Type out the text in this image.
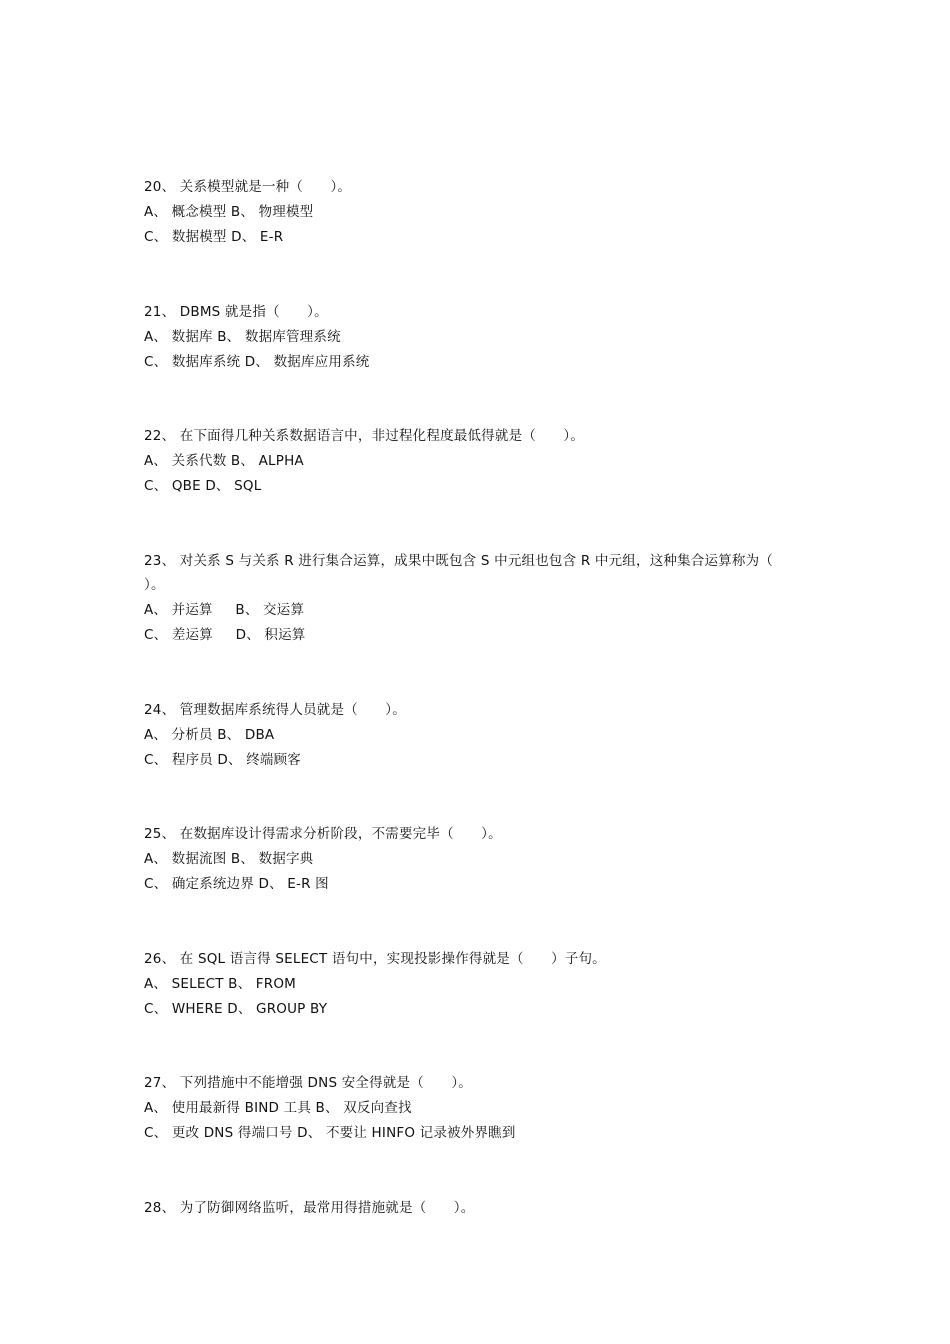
20、 关系模型就是一种（　　）。
A、 概念模型 B、 物理模型
C、 数据模型 D、 E-R
21、 DBMS 就是指（　　）。
A、 数据库 B、 数据库管理系统
C、 数据库系统 D、 数据库应用系统
22、 在下面得几种关系数据语言中，非过程化程度最低得就是（　　）。
A、 关系代数 B、 ALPHA
C、 QBE D、 SQL
23、 对关系 S 与关系 R 进行集合运算，成果中既包含 S 中元组也包含 R 中元组，这种集合运算称为（
）。
A、 并运算　  B、 交运算
C、 差运算　  D、 积运算
24、 管理数据库系统得人员就是（　　）。
A、 分析员 B、 DBA
C、 程序员 D、 终端顾客
25、 在数据库设计得需求分析阶段，不需要完毕（　　）。
A、 数据流图 B、 数据字典
C、 确定系统边界 D、 E-R 图
26、 在 SQL 语言得 SELECT 语句中，实现投影操作得就是（　　）子句。
A、 SELECT B、 FROM
C、 WHERE D、 GROUP BY
27、 下列措施中不能增强 DNS 安全得就是（　　）。
A、 使用最新得 BIND 工具 B、 双反向查找
C、 更改 DNS 得端口号 D、 不要让 HINFO 记录被外界瞧到
28、 为了防御网络监听，最常用得措施就是（　　）。
